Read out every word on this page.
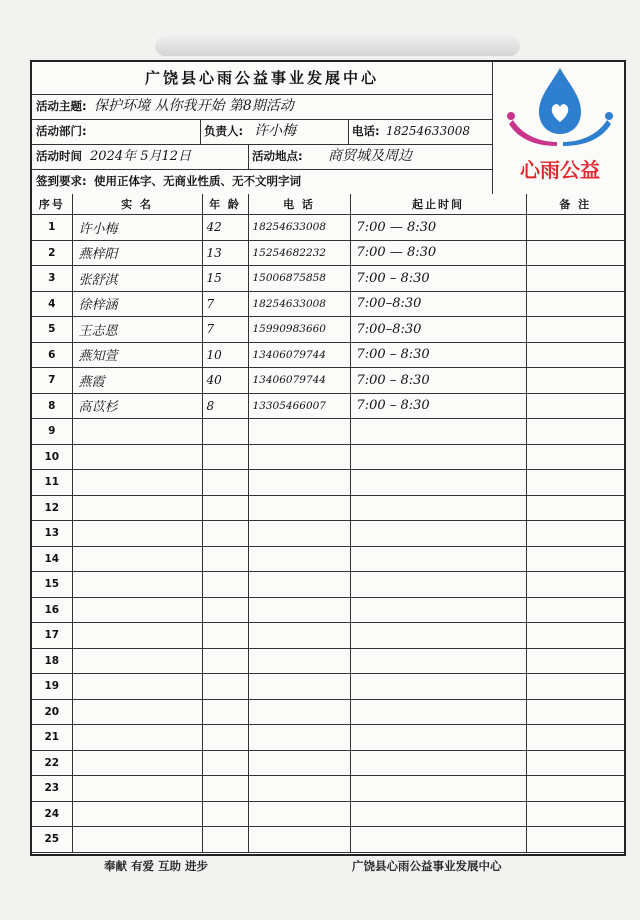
广饶县心雨公益事业发展中心
活动主题: 保护环境 从你我开始 第8期活动
活动部门:	负责人: 许小梅	电话: 18254633008
活动时间 2024年 5月12日	活动地点: 商贸城及周边
签到要求: 使用正体字、无商业性质、无不文明字词	心雨公益
序号	实 名	年 龄	电 话	起止时间	备 注
1	许小梅	42	18254633008	7:00 — 8:30	
2	燕梓阳	13	15254682232	7:00 — 8:30	
3	张舒淇	15	15006875858	7:00 – 8:30	
4	徐梓涵	7	18254633008	7:00–8:30	
5	王志恩	7	15990983660	7:00–8:30	
6	燕知萱	10	13406079744	7:00 – 8:30	
7	燕霞	40	13406079744	7:00 – 8:30	
8	高苡杉	8	13305466007	7:00 – 8:30	
9					
10					
11					
12					
13					
14					
15					
16					
17					
18					
19					
20					
21					
22					
23					
24					
25					
奉献 有爱 互助 进步	广饶县心雨公益事业发展中心
